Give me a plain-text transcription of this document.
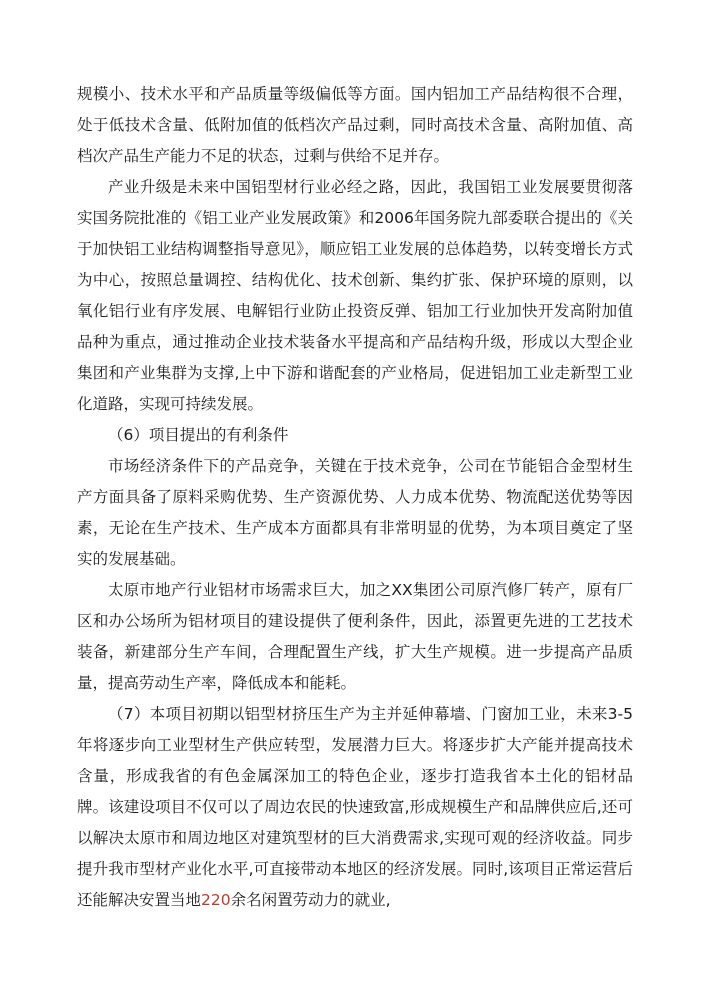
规模小、技术水平和产品质量等级偏低等方面。国内铝加工产品结构很不合理，处于低技术含量、低附加值的低档次产品过剩，同时高技术含量、高附加值、高档次产品生产能力不足的状态，过剩与供给不足并存。

产业升级是未来中国铝型材行业必经之路，因此，我国铝工业发展要贯彻落实国务院批准的《铝工业产业发展政策》和2006年国务院九部委联合提出的《关于加快铝工业结构调整指导意见》，顺应铝工业发展的总体趋势，以转变增长方式为中心，按照总量调控、结构优化、技术创新、集约扩张、保护环境的原则，以氧化铝行业有序发展、电解铝行业防止投资反弹、铝加工行业加快开发高附加值品种为重点，通过推动企业技术装备水平提高和产品结构升级，形成以大型企业集团和产业集群为支撑,上中下游和谐配套的产业格局，促进铝加工业走新型工业化道路，实现可持续发展。

（6）项目提出的有利条件

市场经济条件下的产品竞争，关键在于技术竞争，公司在节能铝合金型材生产方面具备了原料采购优势、生产资源优势、人力成本优势、物流配送优势等因素，无论在生产技术、生产成本方面都具有非常明显的优势，为本项目奠定了坚实的发展基础。

太原市地产行业铝材市场需求巨大，加之XX集团公司原汽修厂转产，原有厂区和办公场所为铝材项目的建设提供了便利条件，因此，添置更先进的工艺技术装备，新建部分生产车间，合理配置生产线，扩大生产规模。进一步提高产品质量，提高劳动生产率，降低成本和能耗。

（7）本项目初期以铝型材挤压生产为主并延伸幕墙、门窗加工业，未来3-5年将逐步向工业型材生产供应转型，发展潜力巨大。将逐步扩大产能并提高技术含量，形成我省的有色金属深加工的特色企业，逐步打造我省本土化的铝材品牌。该建设项目不仅可以了周边农民的快速致富,形成规模生产和品牌供应后,还可以解决太原市和周边地区对建筑型材的巨大消费需求,实现可观的经济收益。同步提升我市型材产业化水平,可直接带动本地区的经济发展。同时,该项目正常运营后还能解决安置当地220余名闲置劳动力的就业,
